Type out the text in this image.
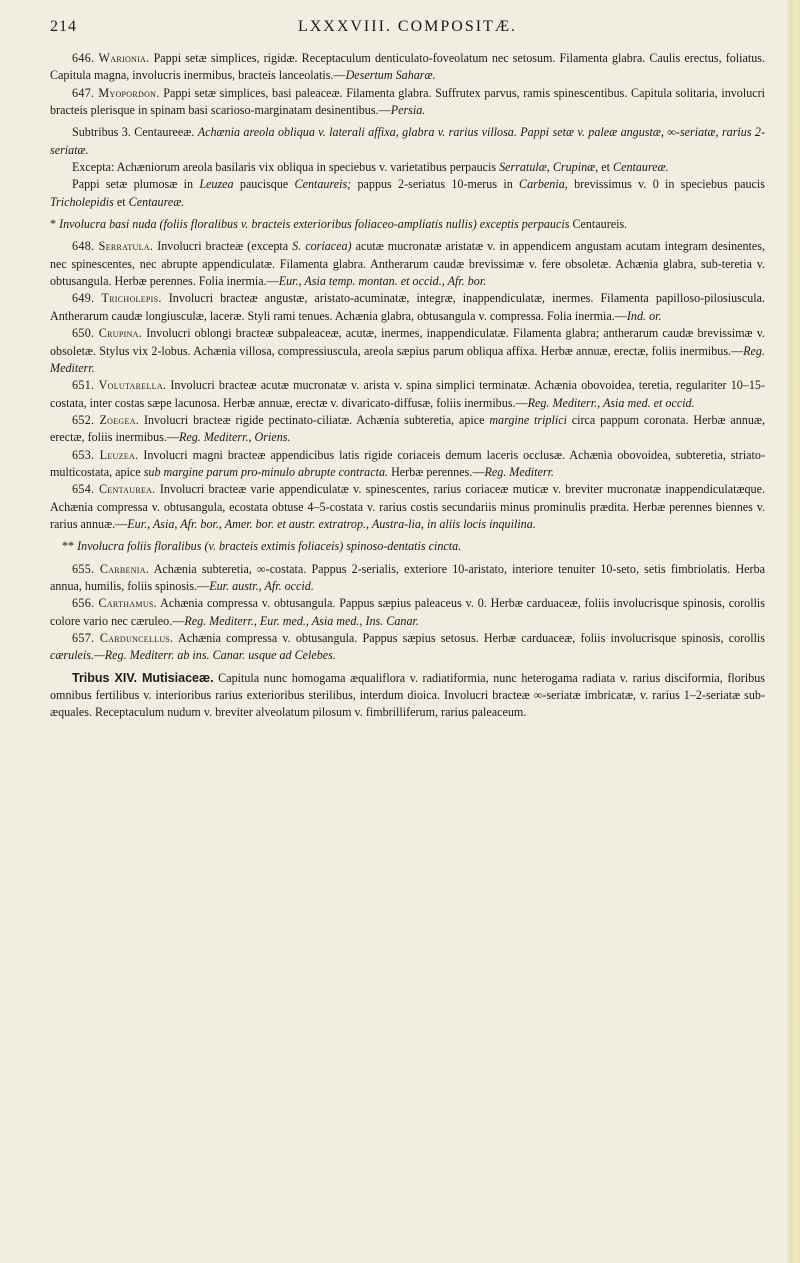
214	LXXXVIII. COMPOSITÆ.

646. Warionia. Pappi setæ simplices, rigidæ. Receptaculum denticulato-foveolatum nec setosum. Filamenta glabra. Caulis erectus, foliatus. Capitula magna, involucris inermibus, bracteis lanceolatis.—Desertum Saharæ.

647. Myopordon. Pappi setæ simplices, basi paleaceæ. Filamenta glabra. Suffrutex parvus, ramis spinescentibus. Capitula solitaria, involucri bracteis plerisque in spinam basi scarioso-marginatam desinentibus.—Persia.

Subtribus 3. Centaureeæ. Achænia areola obliqua v. laterali affixa, glabra v. rarius villosa. Pappi setæ v. paleæ angustæ, ∞-seriatæ, rarius 2-seriatæ.

Excepta: Achæniorum areola basilaris vix obliqua in speciebus v. varietatibus perpaucis Serratulæ, Crupinæ, et Centaureæ.

Pappi setæ plumosæ in Leuzea paucisque Centaureis; pappus 2-seriatus 10-merus in Carbenia, brevissimus v. 0 in speciebus paucis Tricholepidis et Centaureæ.

* Involucra basi nuda (foliis floralibus v. bracteis exterioribus foliaceo-ampliatis nullis) exceptis perpaucis Centaureis.

648. Serratula. Involucri bracteæ (excepta S. coriacea) acutæ mucronatæ aristatæ v. in appendicem angustam acutam integram desinentes, nec spinescentes, nec abrupte appendiculatæ. Filamenta glabra. Antherarum caudæ brevissimæ v. fere obsoletæ. Achænia glabra, sub-teretia v. obtusangula. Herbæ perennes. Folia inermia.—Eur., Asia temp. montan. et occid., Afr. bor.

649. Tricholepis. Involucri bracteæ angustæ, aristato-acuminatæ, integræ, inappendiculatæ, inermes. Filamenta papilloso-pilosiuscula. Antherarum caudæ longiusculæ, laceræ. Styli rami tenues. Achænia glabra, obtusangula v. compressa. Folia inermia.—Ind. or.

650. Crupina. Involucri oblongi bracteæ subpaleaceæ, acutæ, inermes, inappendiculatæ. Filamenta glabra; antherarum caudæ brevissimæ v. obsoletæ. Stylus vix 2-lobus. Achænia villosa, compressiuscula, areola sæpius parum obliqua affixa. Herbæ annuæ, erectæ, foliis inermibus.—Reg. Mediterr.

651. Volutarella. Involucri bracteæ acutæ mucronatæ v. arista v. spina simplici terminatæ. Achænia obovoidea, teretia, regulariter 10–15-costata, inter costas sæpe lacunosa. Herbæ annuæ, erectæ v. divaricato-diffusæ, foliis inermibus.—Reg. Mediterr., Asia med. et occid.

652. Zoegea. Involucri bracteæ rigide pectinato-ciliatæ. Achænia subteretia, apice margine triplici circa pappum coronata. Herbæ annuæ, erectæ, foliis inermibus.—Reg. Mediterr., Oriens.

653. Leuzea. Involucri magni bracteæ appendicibus latis rigide coriaceis demum laceris occlusæ. Achænia obovoidea, subteretia, striato-multicostata, apice sub margine parum pro-minulo abrupte contracta. Herbæ perennes.—Reg. Mediterr.

654. Centaurea. Involucri bracteæ varie appendiculatæ v. spinescentes, rarius coriaceæ muticæ v. breviter mucronatæ inappendiculatæque. Achænia compressa v. obtusangula, ecostata obtuse 4–5-costata v. rarius costis secundariis minus prominulis prædita. Herbæ perennes biennes v. rarius annuæ.—Eur., Asia, Afr. bor., Amer. bor. et austr. extratrop., Austra-lia, in aliis locis inquilina.

** Involucra foliis floralibus (v. bracteis extimis foliaceis) spinoso-dentatis cincta.

655. Carbenia. Achænia subteretia, ∞-costata. Pappus 2-serialis, exteriore 10-aristato, interiore tenuiter 10-seto, setis fimbriolatis. Herba annua, humilis, foliis spinosis.—Eur. austr., Afr. occid.

656. Carthamus. Achænia compressa v. obtusangula. Pappus sæpius paleaceus v. 0. Herbæ carduaceæ, foliis involucrisque spinosis, corollis colore vario nec cæruleo.—Reg. Mediterr., Eur. med., Asia med., Ins. Canar.

657. Carduncellus. Achænia compressa v. obtusangula. Pappus sæpius setosus. Herbæ carduaceæ, foliis involucrisque spinosis, corollis cæruleis.—Reg. Mediterr. ab ins. Canar. usque ad Celebes.

Tribus XIV. Mutisiaceæ. Capitula nunc homogama æqualiflora v. radiatiformia, nunc heterogama radiata v. rarius disciformia, floribus omnibus fertilibus v. interioribus rarius exterioribus sterilibus, interdum dioica. Involucri bracteæ ∞-seriatæ imbricatæ, v. rarius 1–2-seriatæ sub-æquales. Receptaculum nudum v. breviter alveolatum pilosum v. fimbrilliferum, rarius paleaceum.
